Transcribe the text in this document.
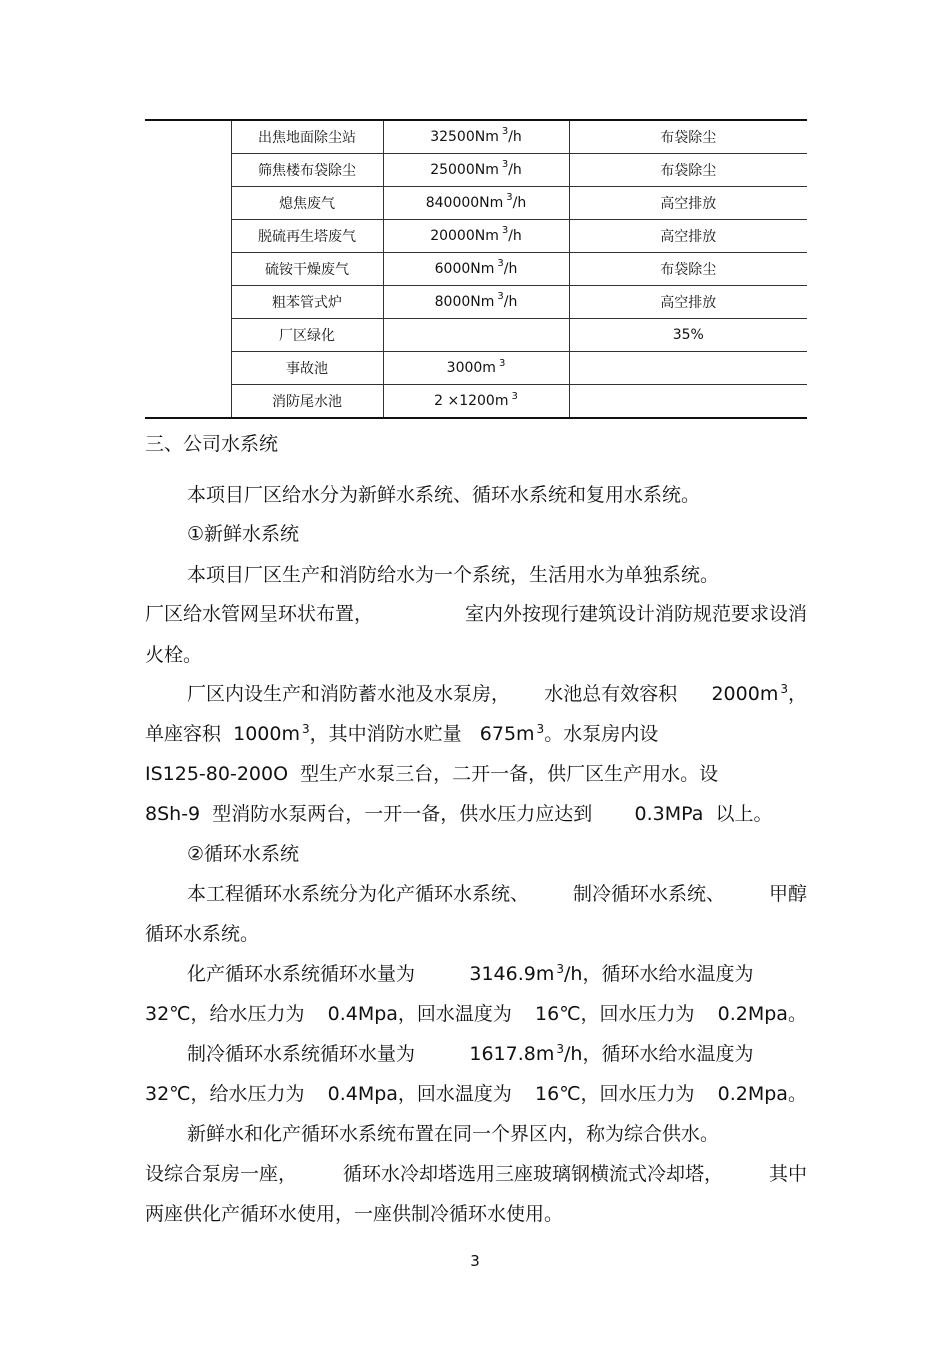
	出焦地面除尘站	32500Nm $^{3/h}$	布袋除尘
	筛焦楼布袋除尘	25000Nm $^{3/h}$	布袋除尘
	熄焦废气	840000Nm $^{3/h}$	高空排放
	脱硫再生塔废气	20000Nm $^{3/h}$	高空排放
	硫铵干燥废气	6000Nm $^{3/h}$	布袋除尘
	粗苯管式炉	8000Nm $^{3/h}$	高空排放
	厂区绿化		35%
	事故池	3000m $^3$	
	消防尾水池	2 ×1200m $^3$	
三、公司水系统
本项目厂区给水分为新鲜水系统、循环水系统和复用水系统。
①新鲜水系统
本项目厂区生产和消防给水为一个系统，生活用水为单独系统。
厂区给水管网呈环状布置，	室内外按现行建筑设计消防规范要求设消
火栓。
厂区内设生产和消防蓄水池及水泵房， 水池总有效容积 2000m $^3$，
单座容积 1000m $^3$，其中消防水贮量 675m $^3$。水泵房内设
IS125-80-200O 型生产水泵三台，二开一备，供厂区生产用水。设
8Sh-9 型消防水泵两台，一开一备，供水压力应达到 0.3MPa 以上。
②循环水系统
本工程循环水系统分为化产循环水系统、 制冷循环水系统、 甲醇
循环水系统。
化产循环水系统循环水量为	3146.9m $^3$/h，循环水给水温度为
32℃，给水压力为 0.4Mpa，回水温度为 16℃，回水压力为 0.2Mpa。
制冷循环水系统循环水量为	1617.8m $^3$/h，循环水给水温度为
32℃，给水压力为 0.4Mpa，回水温度为 16℃，回水压力为 0.2Mpa。
新鲜水和化产循环水系统布置在同一个界区内，称为综合供水。
设综合泵房一座， 循环水冷却塔选用三座玻璃钢横流式冷却塔， 其中
两座供化产循环水使用，一座供制冷循环水使用。
3
